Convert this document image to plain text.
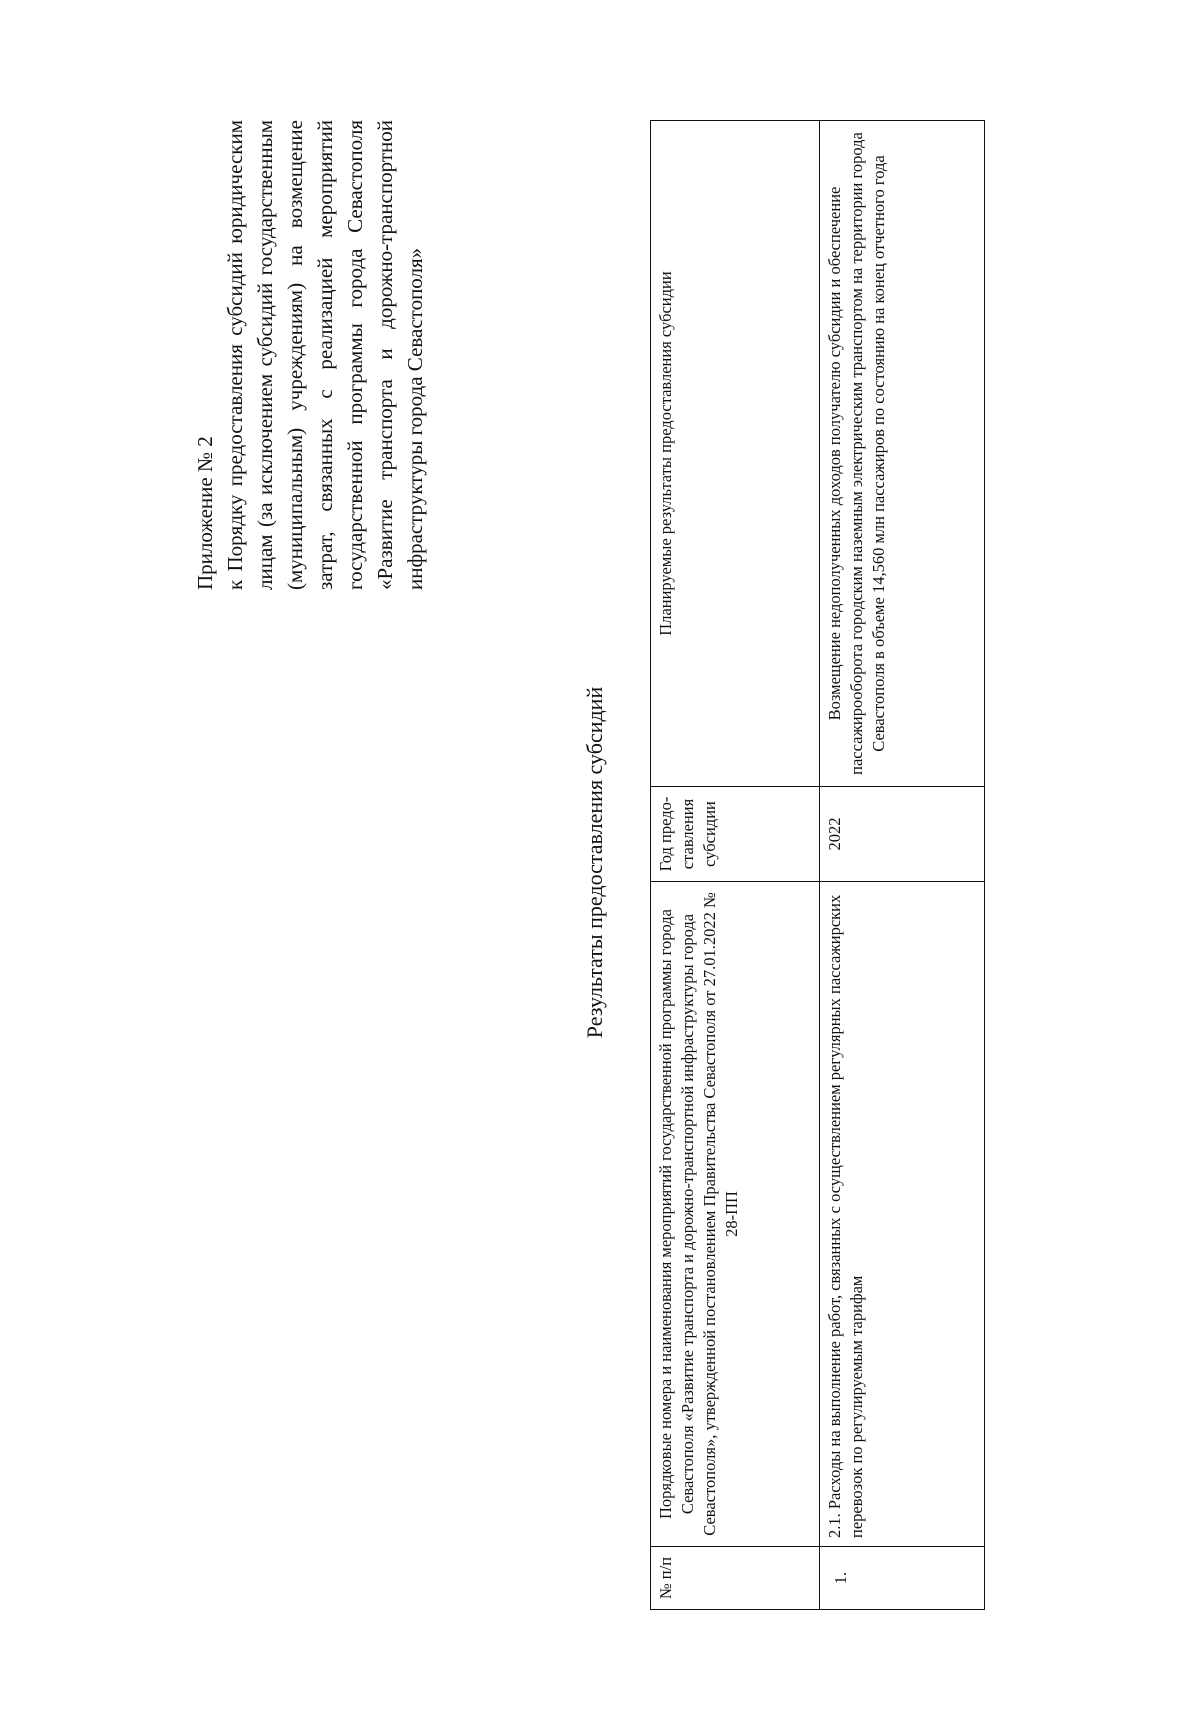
Приложение № 2 к Порядку предоставления субсидий юридическим лицам (за исключением субсидий государственным (муниципальным) учреждениям) на возмещение затрат, связанных с реализацией мероприятий государственной программы города Севастополя «Развитие транспорта и дорожно-транспортной инфраструктуры города Севастополя»
Результаты предоставления субсидий
№ п/п	Порядковые номера и наименования мероприятий государственной программы города Севастополя «Развитие транспорта и дорожно-транспортной инфраструктуры города Севастополя», утвержденной постановлением Правительства Севастополя от 27.01.2022 № 28-ПП	Год предо-ставления субсидии	Планируемые результаты предоставления субсидии
1.	2.1. Расходы на выполнение работ, связанных с осуществлением регулярных пассажирских перевозок по регулируемым тарифам	2022	Возмещение недополученных доходов получателю субсидии и обеспечение пассажирооборота городским наземным электрическим транспортом на территории города Севастополя в объеме 14,560 млн пассажиров по состоянию на конец отчетного года
